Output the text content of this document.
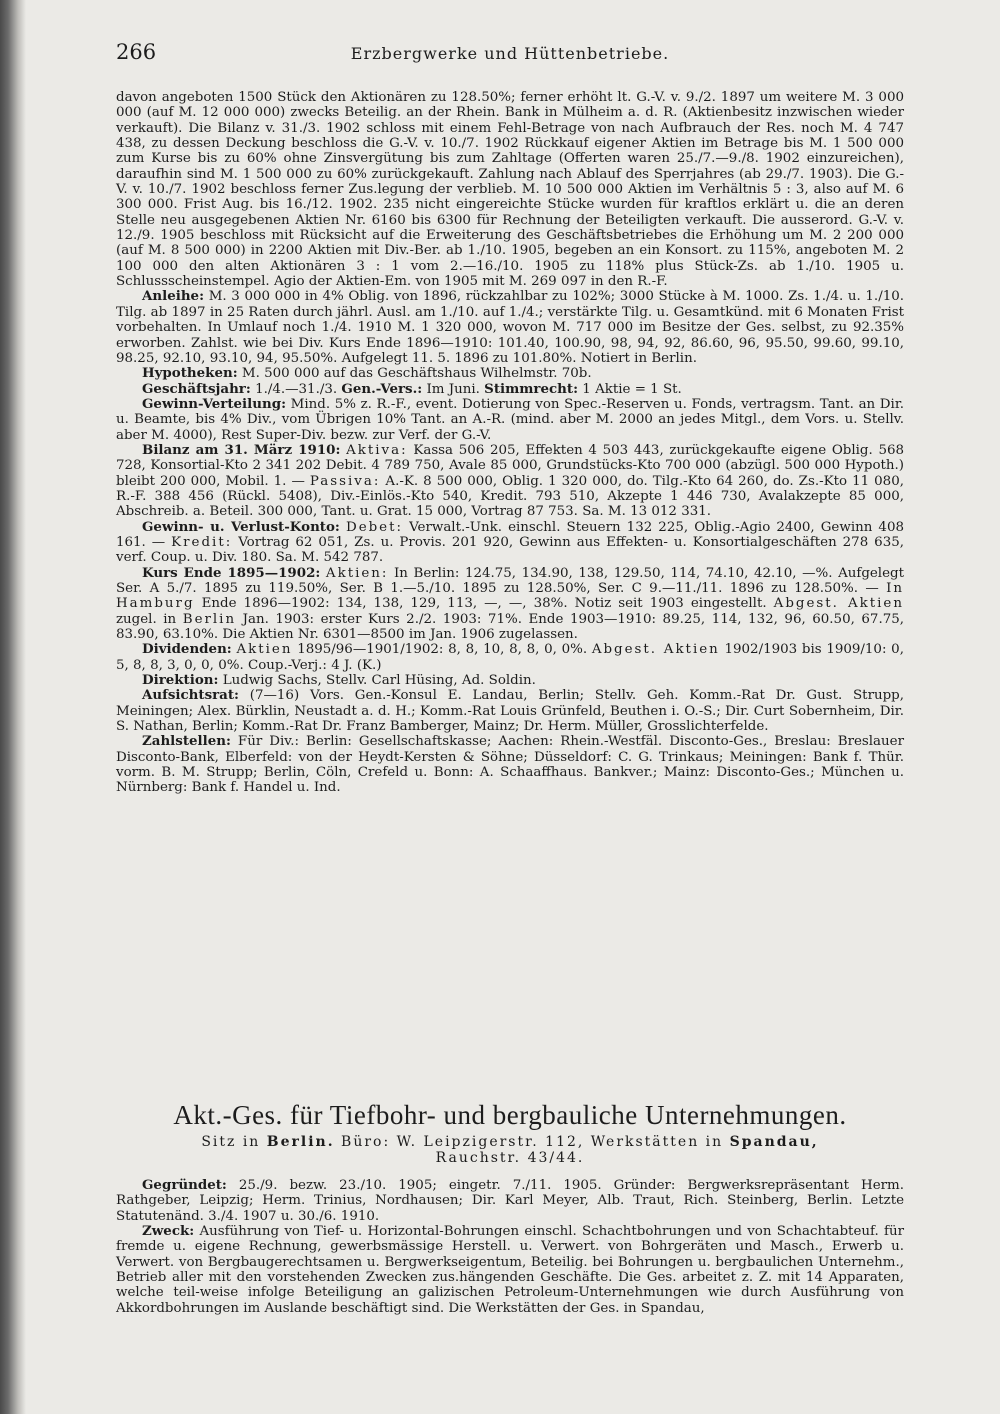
266	Erzbergwerke und Hüttenbetriebe.

davon angeboten 1500 Stück den Aktionären zu 128.50%; ferner erhöht lt. G.-V. v. 9./2. 1897 um weitere M. 3 000 000 (auf M. 12 000 000) zwecks Beteilig. an der Rhein. Bank in Mülheim a. d. R. (Aktienbesitz inzwischen wieder verkauft). Die Bilanz v. 31./3. 1902 schloss mit einem Fehl-Betrage von nach Aufbrauch der Res. noch M. 4 747 438, zu dessen Deckung beschloss die G.-V. v. 10./7. 1902 Rückkauf eigener Aktien im Betrage bis M. 1 500 000 zum Kurse bis zu 60% ohne Zinsvergütung bis zum Zahltage (Offerten waren 25./7.—9./8. 1902 einzureichen), daraufhin sind M. 1 500 000 zu 60% zurückgekauft. Zahlung nach Ablauf des Sperrjahres (ab 29./7. 1903). Die G.-V. v. 10./7. 1902 beschloss ferner Zus.legung der verblieb. M. 10 500 000 Aktien im Verhältnis 5 : 3, also auf M. 6 300 000. Frist Aug. bis 16./12. 1902. 235 nicht eingereichte Stücke wurden für kraftlos erklärt u. die an deren Stelle neu ausgegebenen Aktien Nr. 6160 bis 6300 für Rechnung der Beteiligten verkauft. Die ausserord. G.-V. v. 12./9. 1905 beschloss mit Rücksicht auf die Erweiterung des Geschäftsbetriebes die Erhöhung um M. 2 200 000 (auf M. 8 500 000) in 2200 Aktien mit Div.-Ber. ab 1./10. 1905, begeben an ein Konsort. zu 115%, angeboten M. 2 100 000 den alten Aktionären 3 : 1 vom 2.—16./10. 1905 zu 118% plus Stück-Zs. ab 1./10. 1905 u. Schlussscheinstempel. Agio der Aktien-Em. von 1905 mit M. 269 097 in den R.-F.

Anleihe: M. 3 000 000 in 4% Oblig. von 1896, rückzahlbar zu 102%; 3000 Stücke à M. 1000. Zs. 1./4. u. 1./10. Tilg. ab 1897 in 25 Raten durch jährl. Ausl. am 1./10. auf 1./4.; verstärkte Tilg. u. Gesamtkünd. mit 6 Monaten Frist vorbehalten. In Umlauf noch 1./4. 1910 M. 1 320 000, wovon M. 717 000 im Besitze der Ges. selbst, zu 92.35% erworben. Zahlst. wie bei Div. Kurs Ende 1896—1910: 101.40, 100.90, 98, 94, 92, 86.60, 96, 95.50, 99.60, 99.10, 98.25, 92.10, 93.10, 94, 95.50%. Aufgelegt 11. 5. 1896 zu 101.80%. Notiert in Berlin.

Hypotheken: M. 500 000 auf das Geschäftshaus Wilhelmstr. 70b.

Geschäftsjahr: 1./4.—31./3. Gen.-Vers.: Im Juni. Stimmrecht: 1 Aktie = 1 St.

Gewinn-Verteilung: Mind. 5% z. R.-F., event. Dotierung von Spec.-Reserven u. Fonds, vertragsm. Tant. an Dir. u. Beamte, bis 4% Div., vom Übrigen 10% Tant. an A.-R. (mind. aber M. 2000 an jedes Mitgl., dem Vors. u. Stellv. aber M. 4000), Rest Super-Div. bezw. zur Verf. der G.-V.

Bilanz am 31. März 1910: Aktiva: Kassa 506 205, Effekten 4 503 443, zurückgekaufte eigene Oblig. 568 728, Konsortial-Kto 2 341 202 Debit. 4 789 750, Avale 85 000, Grundstücks-Kto 700 000 (abzügl. 500 000 Hypoth.) bleibt 200 000, Mobil. 1. — Passiva: A.-K. 8 500 000, Oblig. 1 320 000, do. Tilg.-Kto 64 260, do. Zs.-Kto 11 080, R.-F. 388 456 (Rückl. 5408), Div.-Einlös.-Kto 540, Kredit. 793 510, Akzepte 1 446 730, Avalakzepte 85 000, Abschreib. a. Beteil. 300 000, Tant. u. Grat. 15 000, Vortrag 87 753. Sa. M. 13 012 331.

Gewinn- u. Verlust-Konto: Debet: Verwalt.-Unk. einschl. Steuern 132 225, Oblig.-Agio 2400, Gewinn 408 161. — Kredit: Vortrag 62 051, Zs. u. Provis. 201 920, Gewinn aus Effekten- u. Konsortialgeschäften 278 635, verf. Coup. u. Div. 180. Sa. M. 542 787.

Kurs Ende 1895—1902: Aktien: In Berlin: 124.75, 134.90, 138, 129.50, 114, 74.10, 42.10, —%. Aufgelegt Ser. A 5./7. 1895 zu 119.50%, Ser. B 1.—5./10. 1895 zu 128.50%, Ser. C 9.—11./11. 1896 zu 128.50%. — In Hamburg Ende 1896—1902: 134, 138, 129, 113, —, —, 38%. Notiz seit 1903 eingestellt. Abgest. Aktien zugel. in Berlin Jan. 1903: erster Kurs 2./2. 1903: 71%. Ende 1903—1910: 89.25, 114, 132, 96, 60.50, 67.75, 83.90, 63.10%. Die Aktien Nr. 6301—8500 im Jan. 1906 zugelassen.

Dividenden: Aktien 1895/96—1901/1902: 8, 8, 10, 8, 8, 0, 0%. Abgest. Aktien 1902/1903 bis 1909/10: 0, 5, 8, 8, 3, 0, 0, 0%. Coup.-Verj.: 4 J. (K.)

Direktion: Ludwig Sachs, Stellv. Carl Hüsing, Ad. Soldin.

Aufsichtsrat: (7—16) Vors. Gen.-Konsul E. Landau, Berlin; Stellv. Geh. Komm.-Rat Dr. Gust. Strupp, Meiningen; Alex. Bürklin, Neustadt a. d. H.; Komm.-Rat Louis Grünfeld, Beuthen i. O.-S.; Dir. Curt Sobernheim, Dir. S. Nathan, Berlin; Komm.-Rat Dr. Franz Bamberger, Mainz; Dr. Herm. Müller, Grosslichterfelde.

Zahlstellen: Für Div.: Berlin: Gesellschaftskasse; Aachen: Rhein.-Westfäl. Disconto-Ges., Breslau: Breslauer Disconto-Bank, Elberfeld: von der Heydt-Kersten & Söhne; Düsseldorf: C. G. Trinkaus; Meiningen: Bank f. Thür. vorm. B. M. Strupp; Berlin, Cöln, Crefeld u. Bonn: A. Schaaffhaus. Bankver.; Mainz: Disconto-Ges.; München u. Nürnberg: Bank f. Handel u. Ind.

Akt.-Ges. für Tiefbohr- und bergbauliche Unternehmungen.
Sitz in Berlin. Büro: W. Leipzigerstr. 112, Werkstätten in Spandau,
Rauchstr. 43/44.

Gegründet: 25./9. bezw. 23./10. 1905; eingetr. 7./11. 1905. Gründer: Bergwerksrepräsentant Herm. Rathgeber, Leipzig; Herm. Trinius, Nordhausen; Dir. Karl Meyer, Alb. Traut, Rich. Steinberg, Berlin. Letzte Statutenänd. 3./4. 1907 u. 30./6. 1910.

Zweck: Ausführung von Tief- u. Horizontal-Bohrungen einschl. Schachtbohrungen und von Schachtabteuf. für fremde u. eigene Rechnung, gewerbsmässige Herstell. u. Verwert. von Bohrgeräten und Masch., Erwerb u. Verwert. von Bergbaugerechtsamen u. Bergwerkseigentum, Beteilig. bei Bohrungen u. bergbaulichen Unternehm., Betrieb aller mit den vorstehenden Zwecken zus.hängenden Geschäfte. Die Ges. arbeitet z. Z. mit 14 Apparaten, welche teil-weise infolge Beteiligung an galizischen Petroleum-Unternehmungen wie durch Ausführung von Akkordbohrungen im Auslande beschäftigt sind. Die Werkstätten der Ges. in Spandau,
